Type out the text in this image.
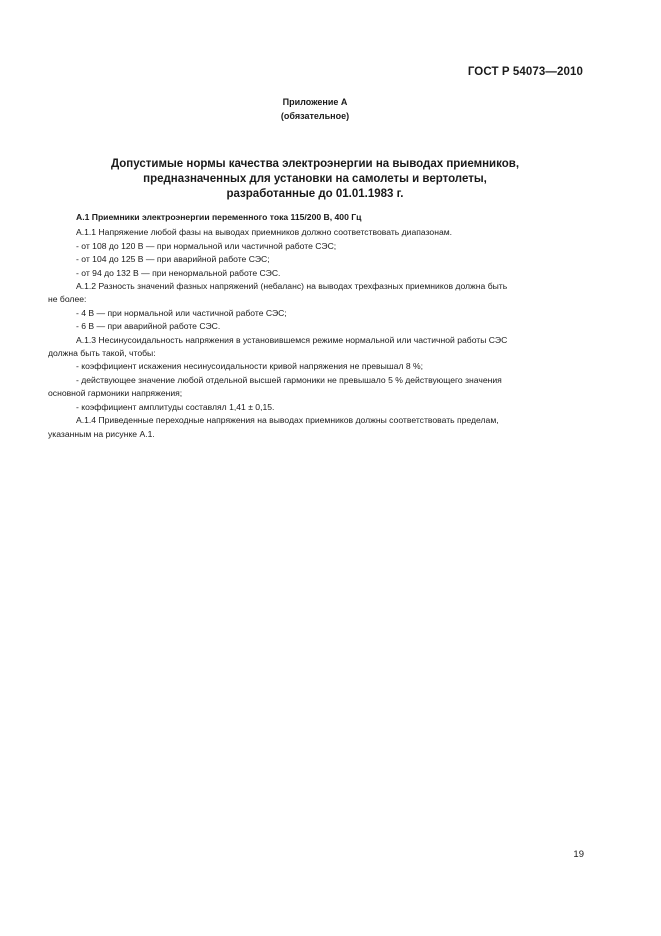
ГОСТ Р 54073—2010
Приложение А
(обязательное)
Допустимые нормы качества электроэнергии на выводах приемников,
предназначенных для установки на самолеты и вертолеты,
разработанные до 01.01.1983 г.

А.1 Приемники электроэнергии переменного тока 115/200 В, 400 Гц

А.1.1 Напряжение любой фазы на выводах приемников должно соответствовать диапазонам.

- от 108 до 120 В — при нормальной или частичной работе СЭС;

- от 104 до 125 В — при аварийной работе СЭС;

- от 94 до 132 В — при ненормальной работе СЭС.

А.1.2 Разность значений фазных напряжений (небаланс) на выводах трехфазных приемников должна быть

не более:

- 4 В — при нормальной или частичной работе СЭС;

- 6 В — при аварийной работе СЭС.

А.1.3 Несинусоидальность напряжения в установившемся режиме нормальной или частичной работы СЭС

должна быть такой, чтобы:

- коэффициент искажения несинусоидальности кривой напряжения не превышал 8 %;

- действующее значение любой отдельной высшей гармоники не превышало 5 % действующего значения

основной гармоники напряжения;

- коэффициент амплитуды составлял 1,41 ± 0,15.

А.1.4 Приведенные переходные напряжения на выводах приемников должны соответствовать пределам,

указанным на рисунке А.1.

19
